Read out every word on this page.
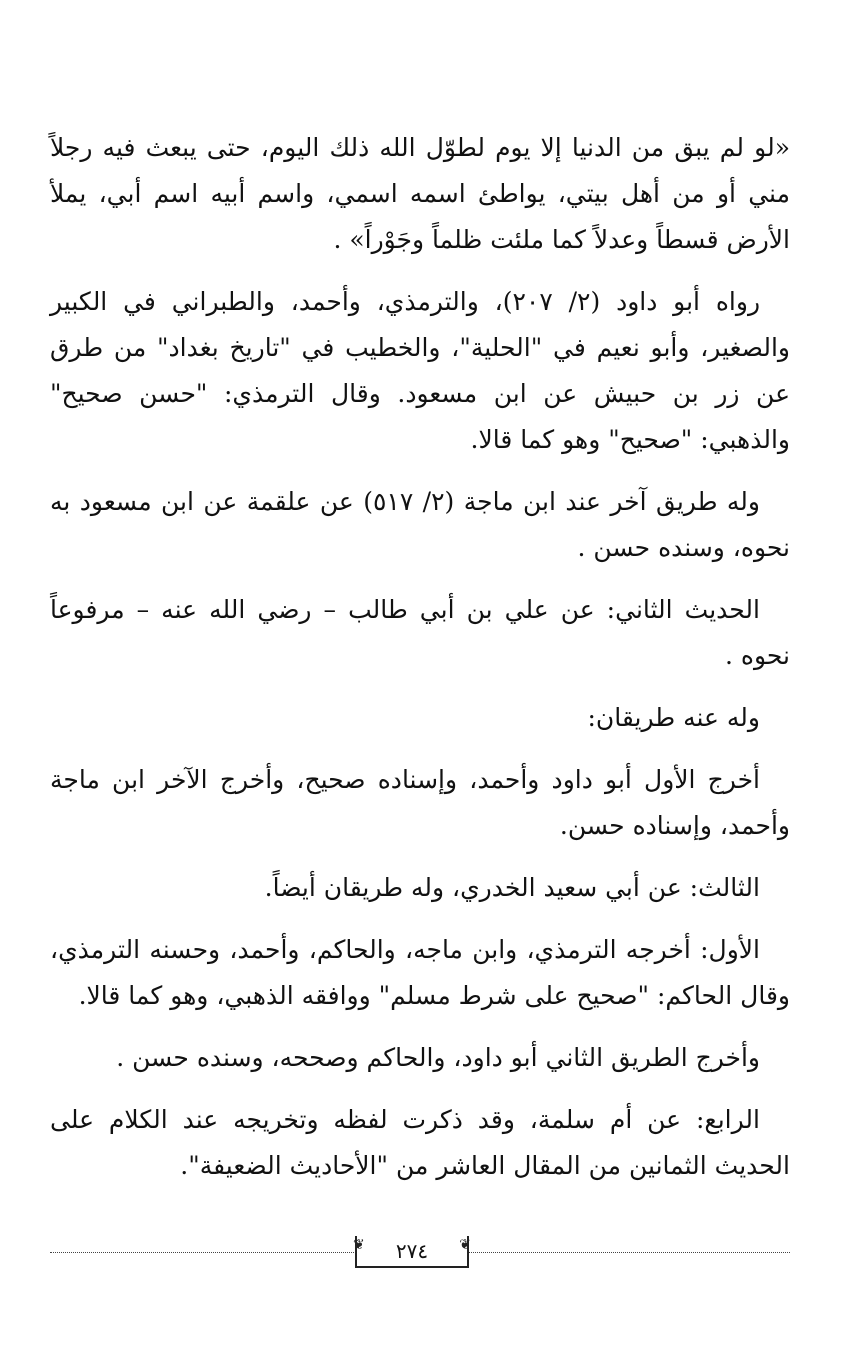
«لو لم يبق من الدنيا إلا يوم لطوّل الله ذلك اليوم، حتى يبعث فيه رجلاً مني أو من أهل بيتي، يواطئ اسمه اسمي، واسم أبيه اسم أبي، يملأ الأرض قسطاً وعدلاً كما ملئت ظلماً وجَوْراً» .

رواه أبو داود (٢/ ٢٠٧)، والترمذي، وأحمد، والطبراني في الكبير والصغير، وأبو نعيم في "الحلية"، والخطيب في "تاريخ بغداد" من طرق عن زر بن حبيش عن ابن مسعود. وقال الترمذي: "حسن صحيح" والذهبي: "صحيح" وهو كما قالا.

وله طريق آخر عند ابن ماجة (٢/ ٥١٧) عن علقمة عن ابن مسعود به نحوه، وسنده حسن .

الحديث الثاني: عن علي بن أبي طالب – رضي الله عنه – مرفوعاً نحوه .

وله عنه طريقان:

أخرج الأول أبو داود وأحمد، وإسناده صحيح، وأخرج الآخر ابن ماجة وأحمد، وإسناده حسن.

الثالث: عن أبي سعيد الخدري، وله طريقان أيضاً.

الأول: أخرجه الترمذي، وابن ماجه، والحاكم، وأحمد، وحسنه الترمذي، وقال الحاكم: "صحيح على شرط مسلم" ووافقه الذهبي، وهو كما قالا.

وأخرج الطريق الثاني أبو داود، والحاكم وصححه، وسنده حسن .

الرابع: عن أم سلمة، وقد ذكرت لفظه وتخريجه عند الكلام على الحديث الثمانين من المقال العاشر من "الأحاديث الضعيفة".

❦ ٢٧٤ ❦
